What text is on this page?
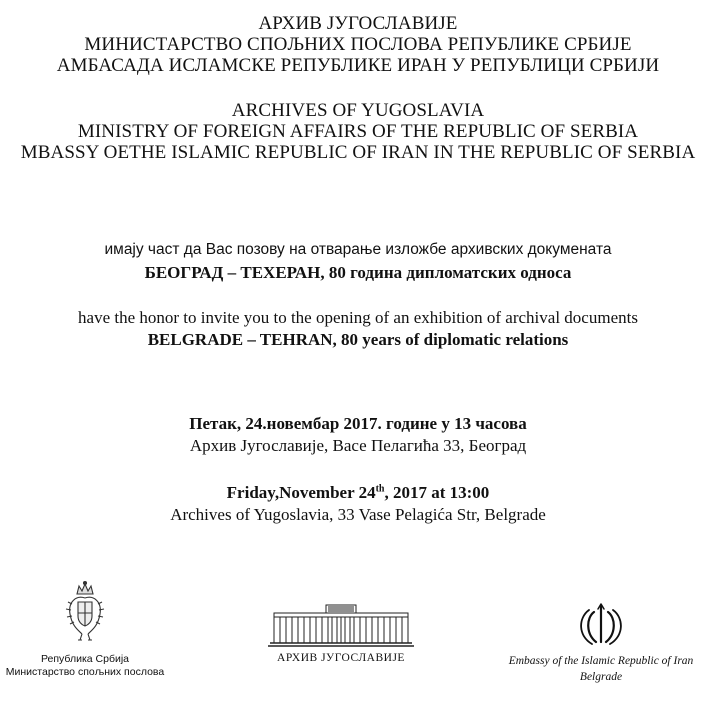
АРХИВ ЈУГОСЛАВИЈЕ
МИНИСТАРСТВО СПОЉНИХ ПОСЛОВА РЕПУБЛИКЕ СРБИЈЕ
АМБАСАДА ИСЛАМСКЕ РЕПУБЛИКЕ ИРАН У РЕПУБЛИЦИ СРБИЈИ
ARCHIVES OF YUGOSLAVIA
MINISTRY OF FOREIGN AFFAIRS OF THE REPUBLIC OF SERBIA
MBASSY OЕTHE ISLAMIC REPUBLIC OF IRAN IN THE REPUBLIC OF SERBIA
имају част да Вас позову на отварање изложбе архивских докумената
БЕОГРАД – ТЕХЕРАН, 80 година дипломатских односа
have the honor to invite you to the opening of an exhibition of archival documents
BELGRADE – TEHRAN, 80 years of diplomatic relations
Петак, 24.новембар 2017. године у 13 часова
Архив Југославије, Васе Пелагића 33, Београд
Friday,November 24th, 2017 at 13:00
Archives of Yugoslavia, 33 Vase Pelagića Str, Belgrade
Република Србија
Министарство спољних послова
АРХИВ ЈУГОСЛАВИЈЕ	Embassy of the Islamic Republic of Iran
Belgrade
